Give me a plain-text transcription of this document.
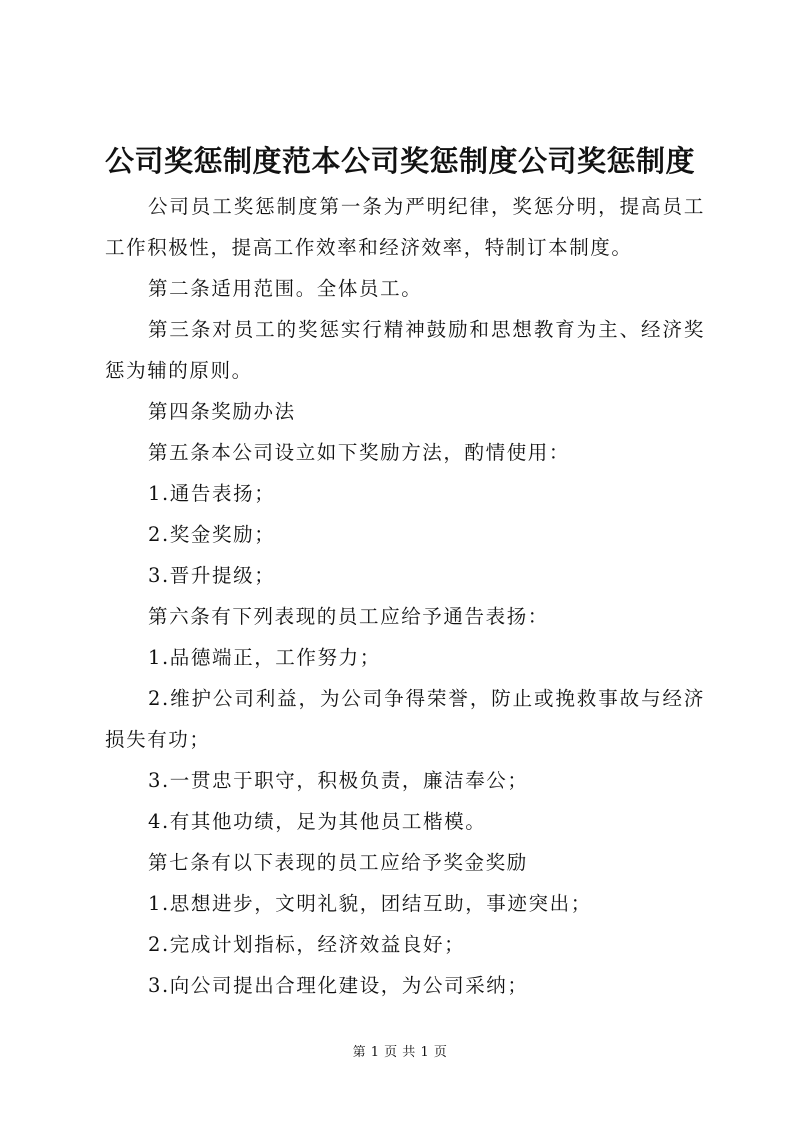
公司奖惩制度范本公司奖惩制度公司奖惩制度

公司员工奖惩制度第一条为严明纪律，奖惩分明，提高员工工作积极性，提高工作效率和经济效率，特制订本制度。

第二条适用范围。全体员工。

第三条对员工的奖惩实行精神鼓励和思想教育为主、经济奖惩为辅的原则。

第四条奖励办法

第五条本公司设立如下奖励方法，酌情使用：

1.通告表扬；

2.奖金奖励；

3.晋升提级；

第六条有下列表现的员工应给予通告表扬：

1.品德端正，工作努力；

2.维护公司利益，为公司争得荣誉，防止或挽救事故与经济损失有功；

3.一贯忠于职守，积极负责，廉洁奉公；

4.有其他功绩，足为其他员工楷模。

第七条有以下表现的员工应给予奖金奖励

1.思想进步，文明礼貌，团结互助，事迹突出；

2.完成计划指标，经济效益良好；

3.向公司提出合理化建设，为公司采纳；

第 1 页 共 1 页
